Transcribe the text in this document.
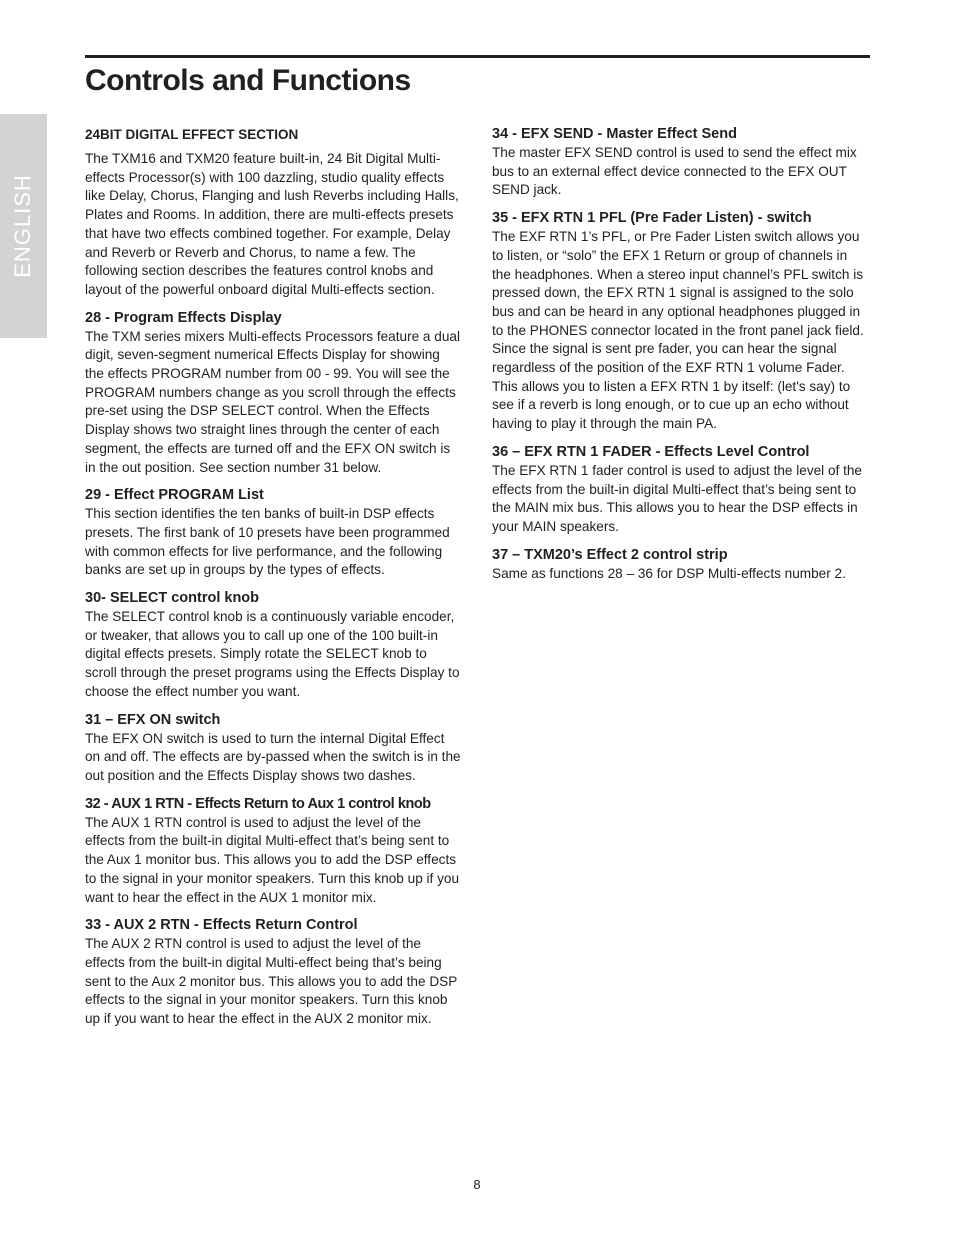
Controls and Functions
ENGLISH
24BIT DIGITAL EFFECT SECTION

The TXM16 and TXM20 feature built-in, 24 Bit Digital Multi-effects Processor(s) with 100 dazzling, studio quality effects like Delay, Chorus, Flanging and lush Reverbs including Halls, Plates and Rooms. In addition, there are multi-effects presets that have two effects combined together. For example, Delay and Reverb or Reverb and Chorus, to name a few. The following section describes the features control knobs and layout of the powerful onboard digital Multi-effects section.

28 - Program Effects Display

The TXM series mixers Multi-effects Processors feature a dual digit, seven-segment numerical Effects Display for showing the effects PROGRAM number from 00 - 99. You will see the PROGRAM numbers change as you scroll through the effects pre-set using the DSP SELECT control. When the Effects Display shows two straight lines through the center of each segment, the effects are turned off and the EFX ON switch is in the out position. See section number 31 below.

29 - Effect PROGRAM List

This section identifies the ten banks of built-in DSP effects presets. The first bank of 10 presets have been programmed with common effects for live performance, and the following banks are set up in groups by the types of effects.

30- SELECT control knob

The SELECT control knob is a continuously variable encoder, or tweaker, that allows you to call up one of the 100 built-in digital effects presets. Simply rotate the SELECT knob to scroll through the preset programs using the Effects Display to choose the effect number you want.

31 – EFX ON switch

The EFX ON switch is used to turn the internal Digital Effect on and off. The effects are by-passed when the switch is in the out position and the Effects Display shows two dashes.

32 - AUX 1 RTN - Effects Return to Aux 1 control knob

The AUX 1 RTN control is used to adjust the level of the effects from the built-in digital Multi-effect that’s being sent to the Aux 1 monitor bus. This allows you to add the DSP effects to the signal in your monitor speakers. Turn this knob up if you want to hear the effect in the AUX 1 monitor mix.

33 - AUX 2 RTN - Effects Return Control

The AUX 2 RTN control is used to adjust the level of the effects from the built-in digital Multi-effect being that’s being sent to the Aux 2 monitor bus. This allows you to add the DSP effects to the signal in your monitor speakers. Turn this knob up if you want to hear the effect in the AUX 2 monitor mix.

34 - EFX SEND - Master Effect Send

The master EFX SEND control is used to send the effect mix bus to an external effect device connected to the EFX OUT SEND jack.

35 - EFX RTN 1 PFL (Pre Fader Listen) - switch

The EXF RTN 1’s PFL, or Pre Fader Listen switch allows you to listen, or “solo” the EFX 1 Return or group of channels in the headphones. When a stereo input channel’s PFL switch is pressed down, the EFX RTN 1 signal is assigned to the solo bus and can be heard in any optional headphones plugged in to the PHONES connector located in the front panel jack field. Since the signal is sent pre fader, you can hear the signal regardless of the position of the EXF RTN 1 volume Fader. This allows you to listen a EFX RTN 1 by itself: (let's say) to see if a reverb is long enough, or to cue up an echo without having to play it through the main PA.

36 – EFX RTN 1 FADER - Effects Level Control

The EFX RTN 1 fader control is used to adjust the level of the effects from the built-in digital Multi-effect that’s being sent to the MAIN mix bus. This allows you to hear the DSP effects in your MAIN speakers.

37 – TXM20’s Effect 2 control strip

Same as functions 28 – 36 for DSP Multi-effects number 2.

8
